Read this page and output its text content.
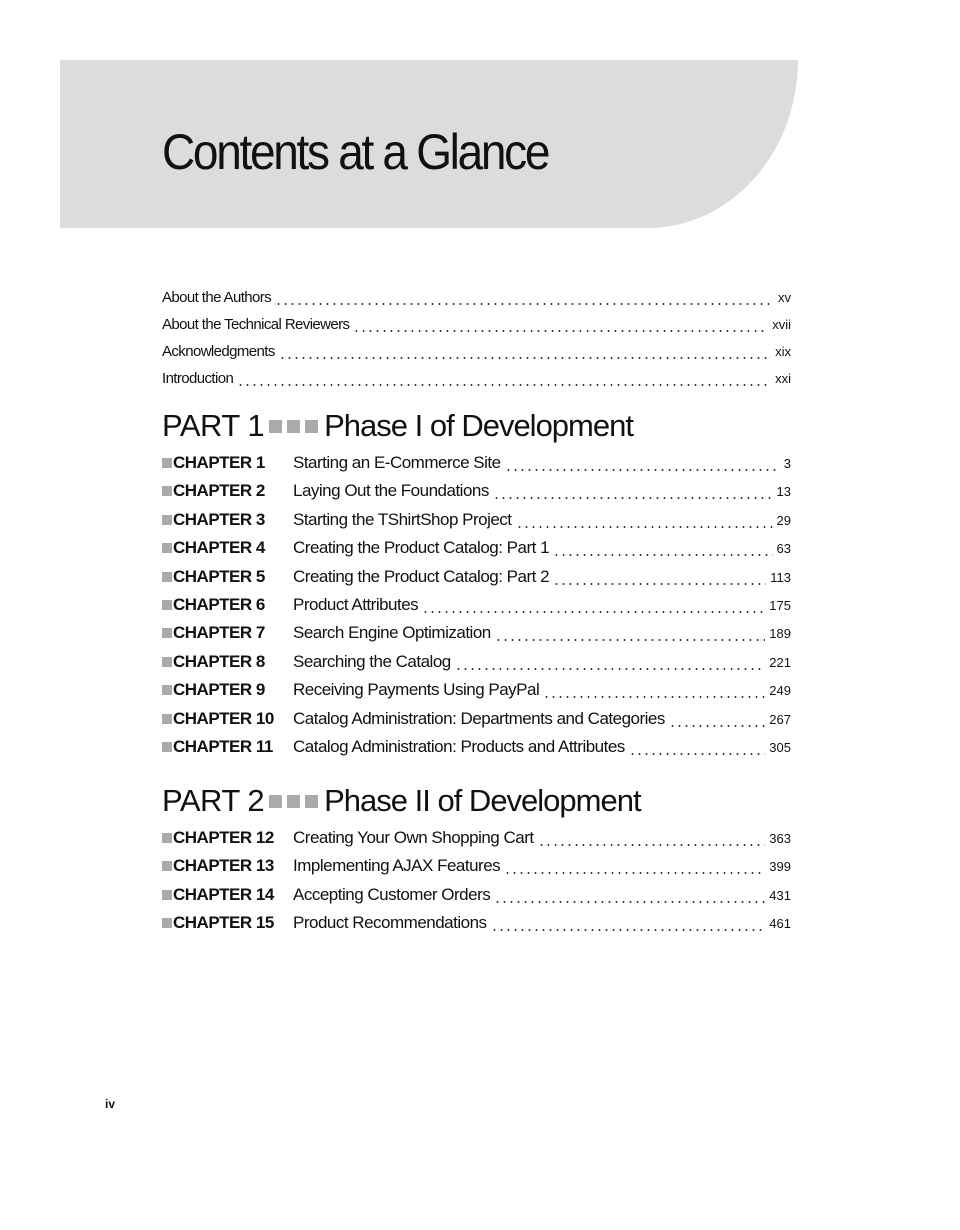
Contents at a Glance
About the Authors	xv
About the Technical Reviewers	xvii
Acknowledgments	xix
Introduction	xxi
PART 1 Phase I of Development
CHAPTER 1 Starting an E-Commerce Site	3
CHAPTER 2 Laying Out the Foundations	13
CHAPTER 3 Starting the TShirtShop Project	29
CHAPTER 4 Creating the Product Catalog: Part 1	63
CHAPTER 5 Creating the Product Catalog: Part 2	113
CHAPTER 6 Product Attributes	175
CHAPTER 7 Search Engine Optimization	189
CHAPTER 8 Searching the Catalog	221
CHAPTER 9 Receiving Payments Using PayPal	249
CHAPTER 10 Catalog Administration: Departments and Categories	267
CHAPTER 11 Catalog Administration: Products and Attributes	305
PART 2 Phase II of Development
CHAPTER 12 Creating Your Own Shopping Cart	363
CHAPTER 13 Implementing AJAX Features	399
CHAPTER 14 Accepting Customer Orders	431
CHAPTER 15 Product Recommendations	461
iv
